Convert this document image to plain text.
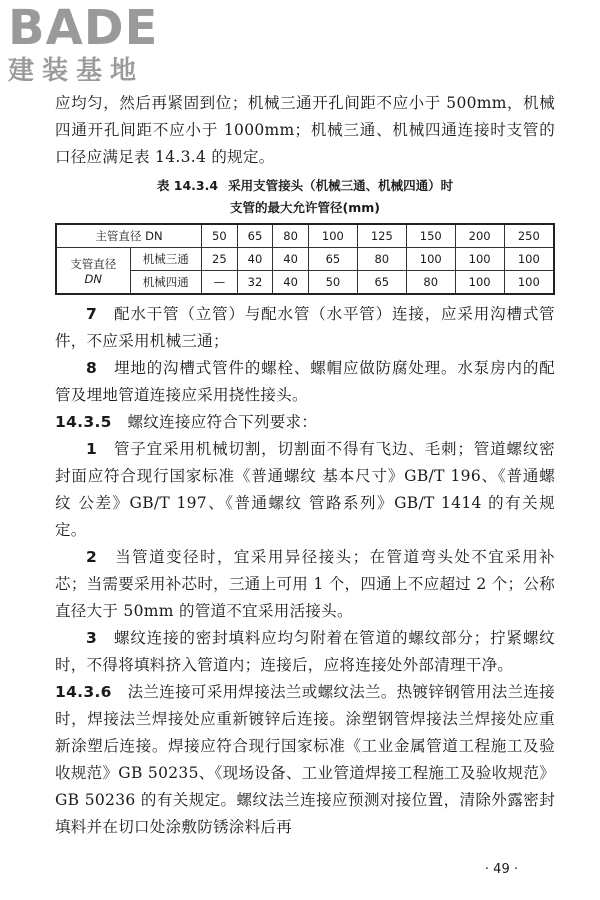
BADE
建装基地

应均匀，然后再紧固到位；机械三通开孔间距不应小于 500mm，机械四通开孔间距不应小于 1000mm；机械三通、机械四通连接时支管的口径应满足表 14.3.4 的规定。

表 14.3.4 采用支管接头（机械三通、机械四通）时
支管的最大允许管径(mm)
主管直径 DN		50	65	80	100	125	150	200	250

支管直径
DN	机械三通	25	40	40	65	80	100	100	100
	机械四通	—	32	40	50	65	80	100	100

7　 配水干管（立管）与配水管（水平管）连接，应采用沟槽式管件，不应采用机械三通；

8　 埋地的沟槽式管件的螺栓、螺帽应做防腐处理。水泵房内的配管及埋地管道连接应采用挠性接头。

14.3.5　 螺纹连接应符合下列要求：

1　 管子宜采用机械切割，切割面不得有飞边、毛刺；管道螺纹密封面应符合现行国家标准《普通螺纹 基本尺寸》GB/T 196、《普通螺纹 公差》GB/T 197、《普通螺纹 管路系列》GB/T 1414 的有关规定。

2　 当管道变径时，宜采用异径接头；在管道弯头处不宜采用补芯；当需要采用补芯时，三通上可用 1 个，四通上不应超过 2 个；公称直径大于 50mm 的管道不宜采用活接头。

3　 螺纹连接的密封填料应均匀附着在管道的螺纹部分；拧紧螺纹时，不得将填料挤入管道内；连接后，应将连接处外部清理干净。

14.3.6　 法兰连接可采用焊接法兰或螺纹法兰。热镀锌钢管用法兰连接时，焊接法兰焊接处应重新镀锌后连接。涂塑钢管焊接法兰焊接处应重新涂塑后连接。焊接应符合现行国家标准《工业金属管道工程施工及验收规范》GB 50235、《现场设备、工业管道焊接工程施工及验收规范》GB 50236 的有关规定。螺纹法兰连接应预测对接位置，清除外露密封填料并在切口处涂敷防锈涂料后再

· 49 ·
